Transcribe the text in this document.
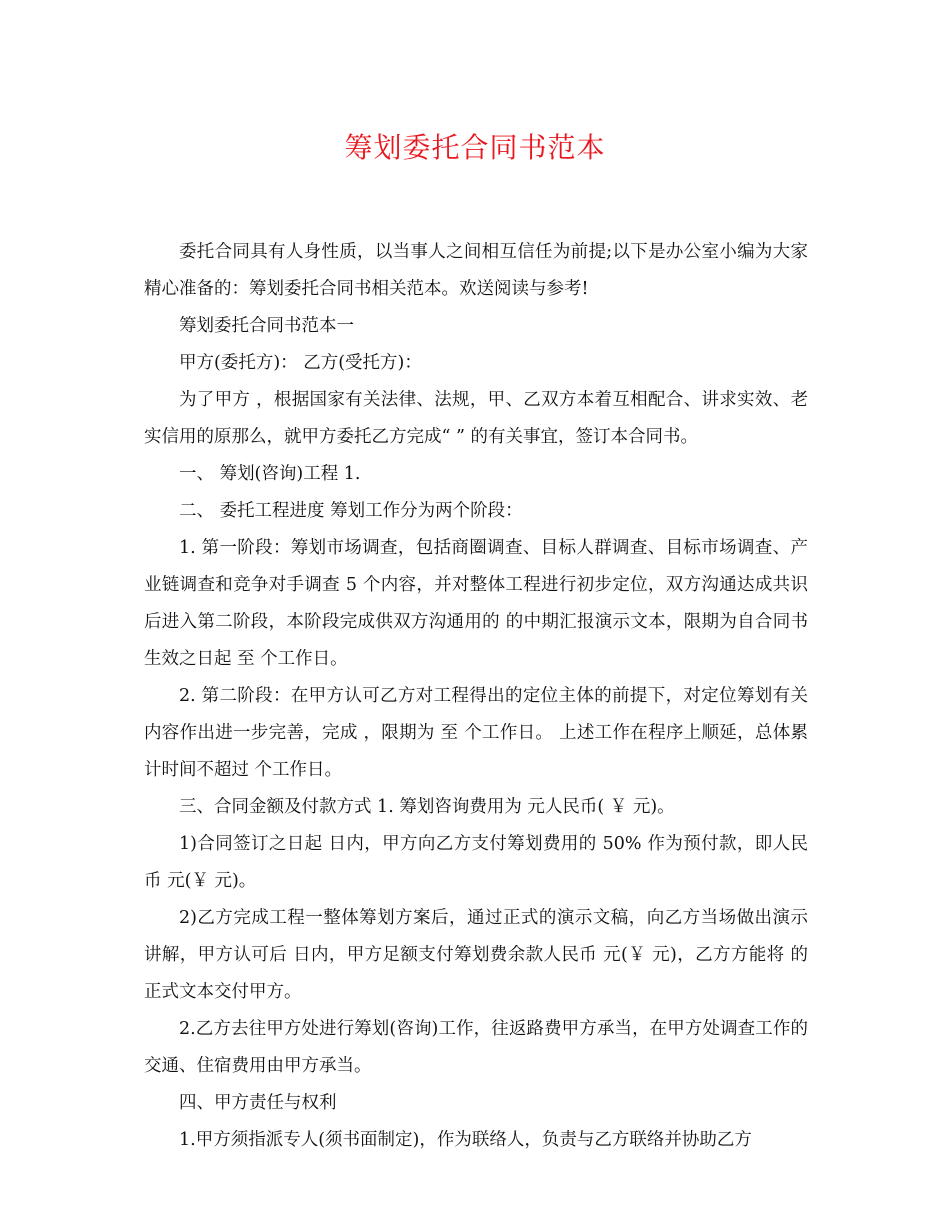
筹划委托合同书范本

委托合同具有人身性质，以当事人之间相互信任为前提;以下是办公室小编为大家精心准备的：筹划委托合同书相关范本。欢送阅读与参考!

筹划委托合同书范本一

甲方(委托方)： 乙方(受托方)：

为了甲方 ，根据国家有关法律、法规，甲、乙双方本着互相配合、讲求实效、老实信用的原那么，就甲方委托乙方完成“ ” 的有关事宜，签订本合同书。

一、 筹划(咨询)工程 1.

二、 委托工程进度 筹划工作分为两个阶段：

1. 第一阶段：筹划市场调查，包括商圈调查、目标人群调查、目标市场调查、产业链调查和竞争对手调查 5 个内容，并对整体工程进行初步定位，双方沟通达成共识后进入第二阶段，本阶段完成供双方沟通用的 的中期汇报演示文本，限期为自合同书生效之日起 至 个工作日。

2. 第二阶段：在甲方认可乙方对工程得出的定位主体的前提下，对定位筹划有关内容作出进一步完善，完成 ，限期为 至 个工作日。 上述工作在程序上顺延，总体累计时间不超过 个工作日。

三、合同金额及付款方式 1. 筹划咨询费用为 元人民币( ￥ 元)。

1)合同签订之日起 日内，甲方向乙方支付筹划费用的 50% 作为预付款，即人民币 元(￥ 元)。

2)乙方完成工程一整体筹划方案后，通过正式的演示文稿，向乙方当场做出演示讲解，甲方认可后 日内，甲方足额支付筹划费余款人民币 元(￥ 元)，乙方方能将 的正式文本交付甲方。

2.乙方去往甲方处进行筹划(咨询)工作，往返路费甲方承当，在甲方处调查工作的交通、住宿费用由甲方承当。

四、甲方责任与权利

1.甲方须指派专人(须书面制定)，作为联络人，负责与乙方联络并协助乙方
